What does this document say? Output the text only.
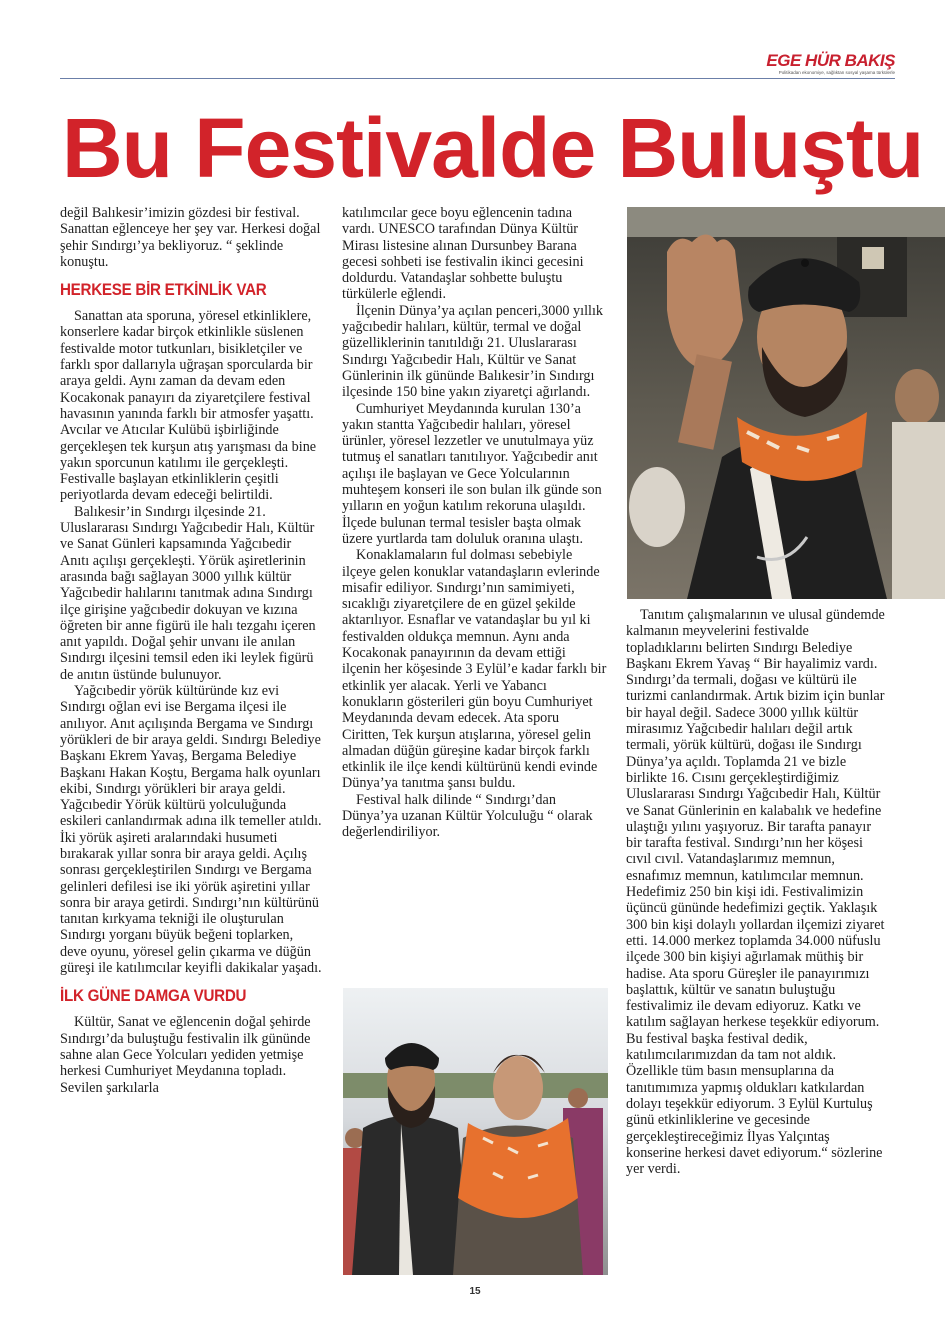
EGE HÜR BAKIŞ
Politikadan ekonomiye, sağlıktan sosyal yaşama türkülerle
Bu Festivalde Buluştu

değil Balıkesir’imizin gözdesi bir festival. Sanattan eğlenceye her şey var. Herkesi doğal şehir Sındırgı’ya bekliyoruz. “ şeklinde konuştu.

HERKESE BİR ETKİNLİK VAR

Sanattan ata sporuna, yöresel etkinliklere, konserlere kadar birçok etkinlikle süslenen festivalde motor tutkunları, bisikletçiler ve farklı spor dallarıyla uğraşan sporcularda bir araya geldi. Aynı zaman da devam eden Kocakonak panayırı da ziyaretçilere festival havasının yanında farklı bir atmosfer yaşattı. Avcılar ve Atıcılar Kulübü işbirliğinde gerçekleşen tek kurşun atış yarışması da bine yakın sporcunun katılımı ile gerçekleşti. Festivalle başlayan etkinliklerin çeşitli periyotlarda devam edeceği belirtildi.

Balıkesir’in Sındırgı ilçesinde 21. Uluslararası Sındırgı Yağcıbedir Halı, Kültür ve Sanat Günleri kapsamında Yağcıbedir Anıtı açılışı gerçekleşti. Yörük aşiretlerinin arasında bağı sağlayan 3000 yıllık kültür Yağcıbedir halılarını tanıtmak adına Sındırgı ilçe girişine yağcıbedir dokuyan ve kızına öğreten bir anne figürü ile halı tezgahı içeren anıt yapıldı. Doğal şehir unvanı ile anılan Sındırgı ilçesini temsil eden iki leylek figürü de anıtın üstünde bulunuyor.

Yağcıbedir yörük kültüründe kız evi Sındırgı oğlan evi ise Bergama ilçesi ile anılıyor. Anıt açılışında Bergama ve Sındırgı yörükleri de bir araya geldi. Sındırgı Belediye Başkanı Ekrem Yavaş, Bergama Belediye Başkanı Hakan Koştu, Bergama halk oyunları ekibi, Sındırgı yörükleri bir araya geldi. Yağcıbedir Yörük kültürü yolculuğunda eskileri canlandırmak adına ilk temeller atıldı. İki yörük aşireti aralarındaki husumeti bırakarak yıllar sonra bir araya geldi. Açılış sonrası gerçekleştirilen Sındırgı ve Bergama gelinleri defilesi ise iki yörük aşiretini yıllar sonra bir araya getirdi. Sındırgı’nın kültürünü tanıtan kırkyama tekniği ile oluşturulan Sındırgı yorganı büyük beğeni toplarken, deve oyunu, yöresel gelin çıkarma ve düğün güreşi ile katılımcılar keyifli dakikalar yaşadı.

İLK GÜNE DAMGA VURDU

Kültür, Sanat ve eğlencenin doğal şehirde Sındırgı’da buluştuğu festivalin ilk gününde sahne alan Gece Yolcuları yediden yetmişe herkesi Cumhuriyet Meydanına topladı. Sevilen şarkılarla

katılımcılar gece boyu eğlencenin tadına vardı. UNESCO tarafından Dünya Kültür Mirası listesine alınan Dursunbey Barana gecesi sohbeti ise festivalin ikinci gecesini doldurdu. Vatandaşlar sohbette buluştu türkülerle eğlendi.

İlçenin Dünya’ya açılan penceri,3000 yıllık yağcıbedir halıları, kültür, termal ve doğal güzelliklerinin tanıtıldığı 21. Uluslararası Sındırgı Yağcıbedir Halı, Kültür ve Sanat Günlerinin ilk gününde Balıkesir’in Sındırgı ilçesinde 150 bine yakın ziyaretçi ağırlandı.

Cumhuriyet Meydanında kurulan 130’a yakın stantta Yağcıbedir halıları, yöresel ürünler, yöresel lezzetler ve unutulmaya yüz tutmuş el sanatları tanıtılıyor. Yağcıbedir anıt açılışı ile başlayan ve Gece Yolcularının muhteşem konseri ile son bulan ilk günde son yılların en yoğun katılım rekoruna ulaşıldı. İlçede bulunan termal tesisler başta olmak üzere yurtlarda tam doluluk oranına ulaştı.

Konaklamaların ful dolması sebebiyle ilçeye gelen konuklar vatandaşların evlerinde misafir ediliyor. Sındırgı’nın samimiyeti, sıcaklığı ziyaretçilere de en güzel şekilde aktarılıyor. Esnaflar ve vatandaşlar bu yıl ki festivalden oldukça memnun. Aynı anda Kocakonak panayırının da devam ettiği ilçenin her köşesinde 3 Eylül’e kadar farklı bir etkinlik yer alacak. Yerli ve Yabancı konukların gösterileri gün boyu Cumhuriyet Meydanında devam edecek. Ata sporu Ciritten, Tek kurşun atışlarına, yöresel gelin almadan düğün güreşine kadar birçok farklı etkinlik ile ilçe kendi kültürünü kendi evinde Dünya’ya tanıtma şansı buldu.

Festival halk dilinde “ Sındırgı’dan Dünya’ya uzanan Kültür Yolculuğu “ olarak değerlendiriliyor.

Tanıtım çalışmalarının ve ulusal gündemde kalmanın meyvelerini festivalde topladıklarını belirten Sındırgı Belediye Başkanı Ekrem Yavaş “ Bir hayalimiz vardı. Sındırgı’da termali, doğası ve kültürü ile turizmi canlandırmak. Artık bizim için bunlar bir hayal değil. Sadece 3000 yıllık kültür mirasımız Yağcıbedir halıları değil artık termali, yörük kültürü, doğası ile Sındırgı Dünya’ya açıldı. Toplamda 21 ve bizle birlikte 16. Cısını gerçekleştirdiğimiz Uluslararası Sındırgı Yağcıbedir Halı, Kültür ve Sanat Günlerinin en kalabalık ve hedefine ulaştığı yılını yaşıyoruz. Bir tarafta panayır bir tarafta festival. Sındırgı’nın her köşesi cıvıl cıvıl. Vatandaşlarımız memnun, esnafımız memnun, katılımcılar memnun. Hedefimiz 250 bin kişi idi. Festivalimizin üçüncü gününde hedefimizi geçtik. Yaklaşık 300 bin kişi dolaylı yollardan ilçemizi ziyaret etti. 14.000 merkez toplamda 34.000 nüfuslu ilçede 300 bin kişiyi ağırlamak müthiş bir hadise. Ata sporu Güreşler ile panayırımızı başlattık, kültür ve sanatın buluştuğu festivalimiz ile devam ediyoruz. Katkı ve katılım sağlayan herkese teşekkür ediyorum. Bu festival başka festival dedik, katılımcılarımızdan da tam not aldık. Özellikle tüm basın mensuplarına da tanıtımımıza yapmış oldukları katkılardan dolayı teşekkür ediyorum. 3 Eylül Kurtuluş günü etkinliklerine ve gecesinde gerçekleştireceğimiz İlyas Yalçıntaş konserine herkesi davet ediyorum.“ sözlerine yer verdi.

15
